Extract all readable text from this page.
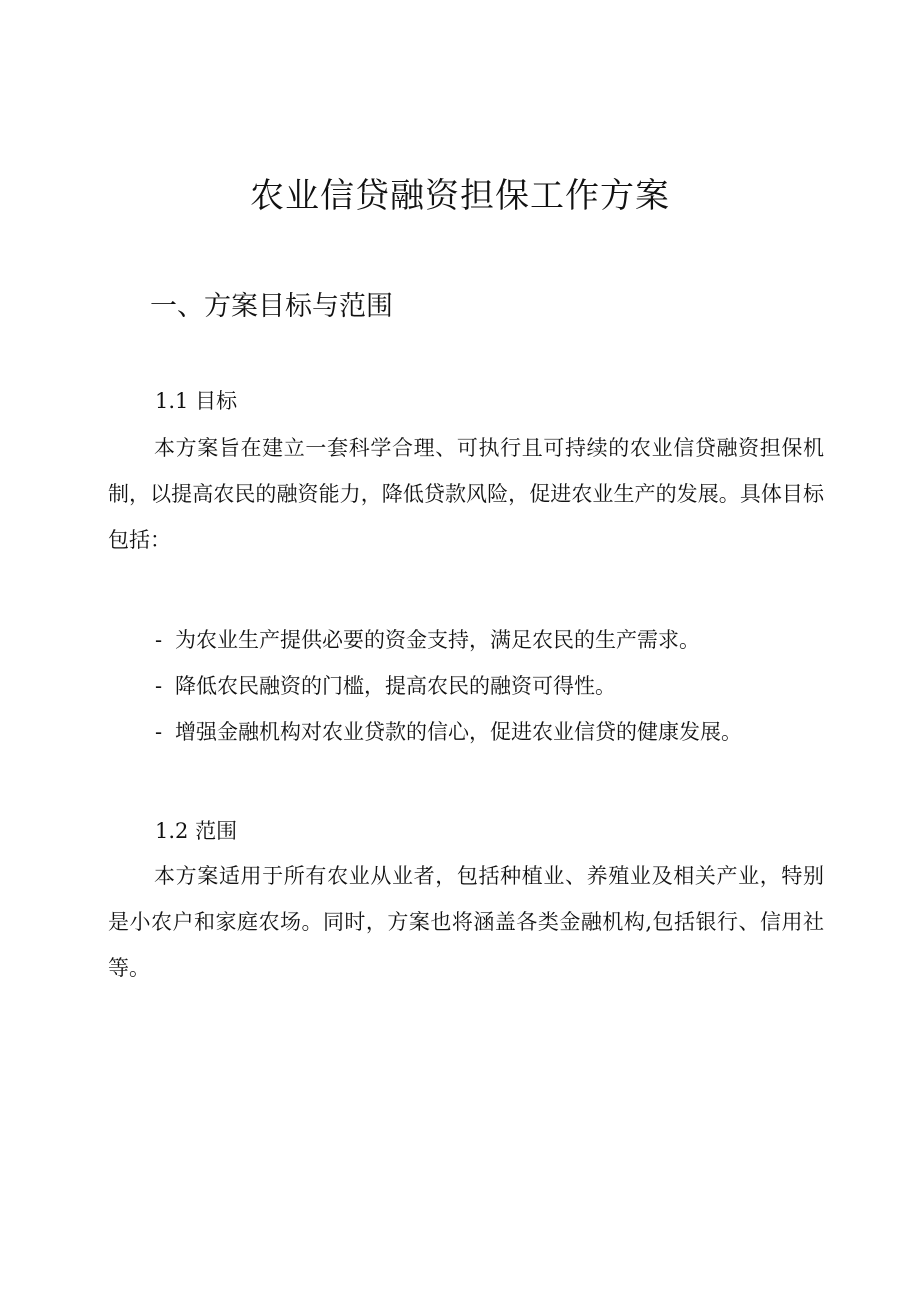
农业信贷融资担保工作方案
一、方案目标与范围
1.1 目标

本方案旨在建立一套科学合理、可执行且可持续的农业信贷融资担保机制，以提高农民的融资能力，降低贷款风险，促进农业生产的发展。具体目标包括：

- 为农业生产提供必要的资金支持，满足农民的生产需求。
- 降低农民融资的门槛，提高农民的融资可得性。
- 增强金融机构对农业贷款的信心，促进农业信贷的健康发展。
1.2 范围

本方案适用于所有农业从业者，包括种植业、养殖业及相关产业，特别是小农户和家庭农场。同时，方案也将涵盖各类金融机构,包括银行、信用社等。
